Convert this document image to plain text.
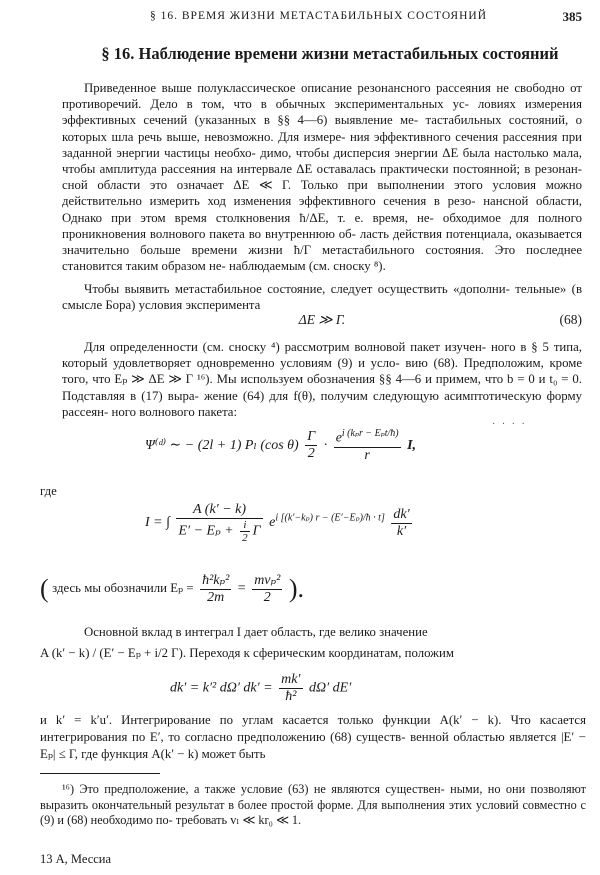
§ 16. ВРЕМЯ ЖИЗНИ МЕТАСТАБИЛЬНЫХ СОСТОЯНИЙ	385
§ 16. Наблюдение времени жизни метастабильных состояний
Приведенное выше полуклассическое описание резонансного рассеяния не свободно от противоречий. Дело в том, что в обычных экспериментальных ус- ловиях измерения эффективных сечений (указанных в §§ 4—6) выявление ме- тастабильных состояний, о которых шла речь выше, невозможно. Для измере- ния эффективного сечения рассеяния при заданной энергии частицы необхо- димо, чтобы дисперсия энергии ΔE была настолько мала, чтобы амплитуда рассеяния на интервале ΔE оставалась практически постоянной; в резонан- сной области это означает ΔE ≪ Γ. Только при выполнении этого условия можно действительно измерить ход изменения эффективного сечения в резо- нансной области, Однако при этом время столкновения ħ/ΔE, т. е. время, не- обходимое для полного проникновения волнового пакета во внутреннюю об- ласть действия потенциала, оказывается значительно больше времени жизни ħ/Γ метастабильного состояния. Это последнее становится таким образом не- наблюдаемым (см. сноску ⁸).
Чтобы выявить метастабильное состояние, следует осуществить «дополни- тельные» (в смысле Бора) условия эксперимента
ΔE ≫ Γ.	(68)
Для определенности (см. сноску ⁴) рассмотрим волновой пакет изучен- ного в § 5 типа, который удовлетворяет одновременно условиям (9) и усло- вию (68). Предположим, кроме того, что Eₚ ≫ ΔE ≫ Γ ¹⁶). Мы используем обозначения §§ 4—6 и примем, что b = 0 и t₀ = 0. Подставляя в (17) выра- жение (64) для f(θ), получим следующую асимптотическую форму рассеян- ного волнового пакета:
· · · ·
Ψ⁽ᵈ⁾ ∼ − (2l + 1) Pₗ (cos $\theta) \frac{\Gamma}{2} \cdot \frac{e^{i (k_pr - E_pt/ħ)}}{r} I$,
где
I = ∫ $\frac{A (k' - k)}{E' - E_p + \frac{i}{2} \Gamma} e^{i [(k'-k_p) r - (E'-E_p)/ħ \cdot t]} \frac{dk'}{k'}$
( здесь мы обозначили $E_p = \frac{\text{ħ²kₚ²}}{2m} = \frac{\text{mvₚ²}}{2}$ ).
Основной вклад в интеграл I дает область, где велико значение
A (k′ − k) / (E′ − Eₚ + i/2 Γ). Переходя к сферическим координатам, положим
dk′ = k′² dΩ′ $dk' = \frac{mk'}{\text{ħ²}} d\Omega'$ dE′
и k′ = k′u′. Интегрирование по углам касается только функции A(k′ − k). Что касается интегрирования по E′, то согласно предположению (68) существ- венной областью является |E′ − Eₚ| ≤ Γ, где функция A(k′ − k) может быть
¹⁶) Это предположение, а также условие (63) не являются существен- ными, но они позволяют выразить окончательный результат в более простой форме. Для выполнения этих условий совместно с (9) и (68) необходимо по- требовать vₗ ≪ kr₀ ≪ 1.
13 А, Мессиа
